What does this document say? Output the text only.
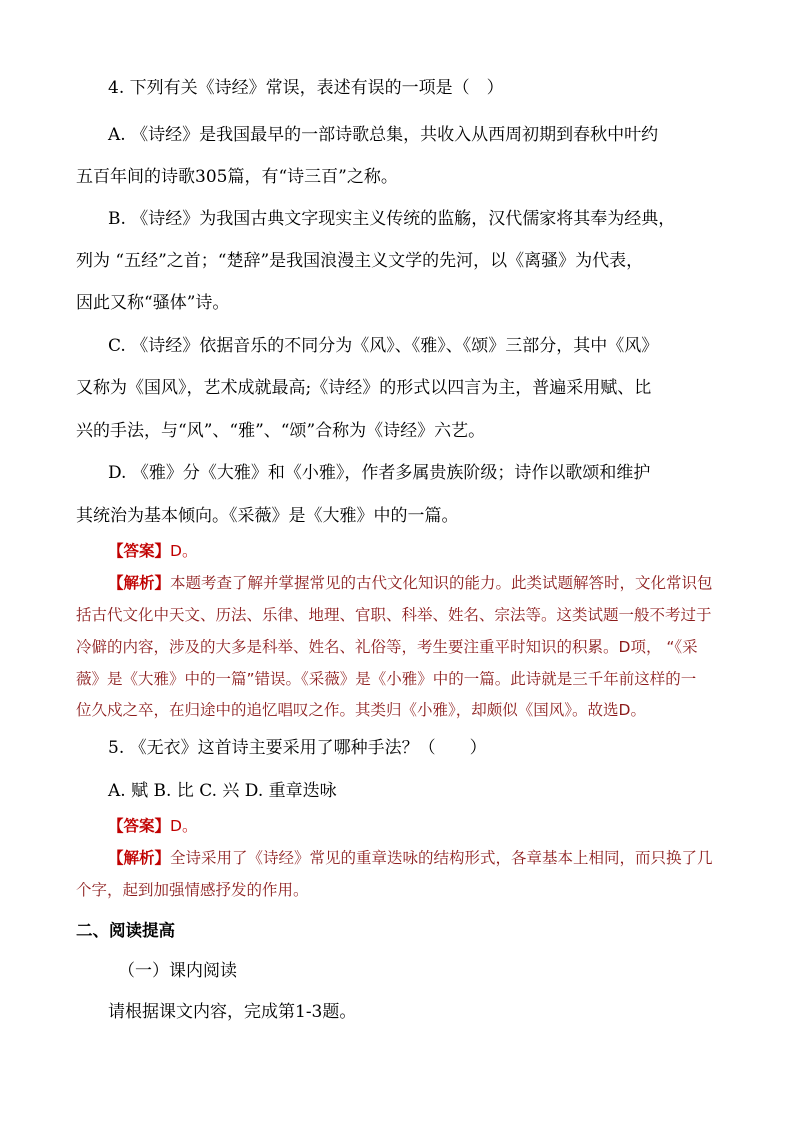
4. 下列有关《诗经》常误，表述有误的一项是（　）
A. 《诗经》是我国最早的一部诗歌总集，共收入从西周初期到春秋中叶约
五百年间的诗歌305篇，有“诗三百”之称。
B. 《诗经》为我国古典文字现实主义传统的监觞，汉代儒家将其奉为经典，
列为 “五经”之首；“楚辞”是我国浪漫主义文学的先河，以《离骚》为代表，
因此又称“骚体”诗。
C. 《诗经》依据音乐的不同分为《风》、《雅》、《颂》三部分，其中《风》
又称为《国风》，艺术成就最高;《诗经》的形式以四言为主，普遍采用赋、比
兴的手法，与“风”、“雅”、“颂”合称为《诗经》六艺。
D. 《雅》分《大雅》和《小雅》，作者多属贵族阶级；诗作以歌颂和维护
其统治为基本倾向。《采薇》是《大雅》中的一篇。
【答案】D。
【解析】本题考查了解并掌握常见的古代文化知识的能力。此类试题解答时，文化常识包
括古代文化中天文、历法、乐律、地理、官职、科举、姓名、宗法等。这类试题一般不考过于
冷僻的内容，涉及的大多是科举、姓名、礼俗等，考生要注重平时知识的积累。D项， “《采
薇》是《大雅》中的一篇”错误。《采薇》是《小雅》中的一篇。此诗就是三千年前这样的一
位久戍之卒，在归途中的追忆唱叹之作。其类归《小雅》，却颇似《国风》。故选D。
5. 《无衣》这首诗主要采用了哪种手法？（　　）
A. 赋 B. 比 C. 兴 D. 重章迭咏
【答案】D。
【解析】全诗采用了《诗经》常见的重章迭咏的结构形式，各章基本上相同，而只换了几
个字，起到加强情感抒发的作用。
二、阅读提高
（一）课内阅读
请根据课文内容，完成第1-3题。
